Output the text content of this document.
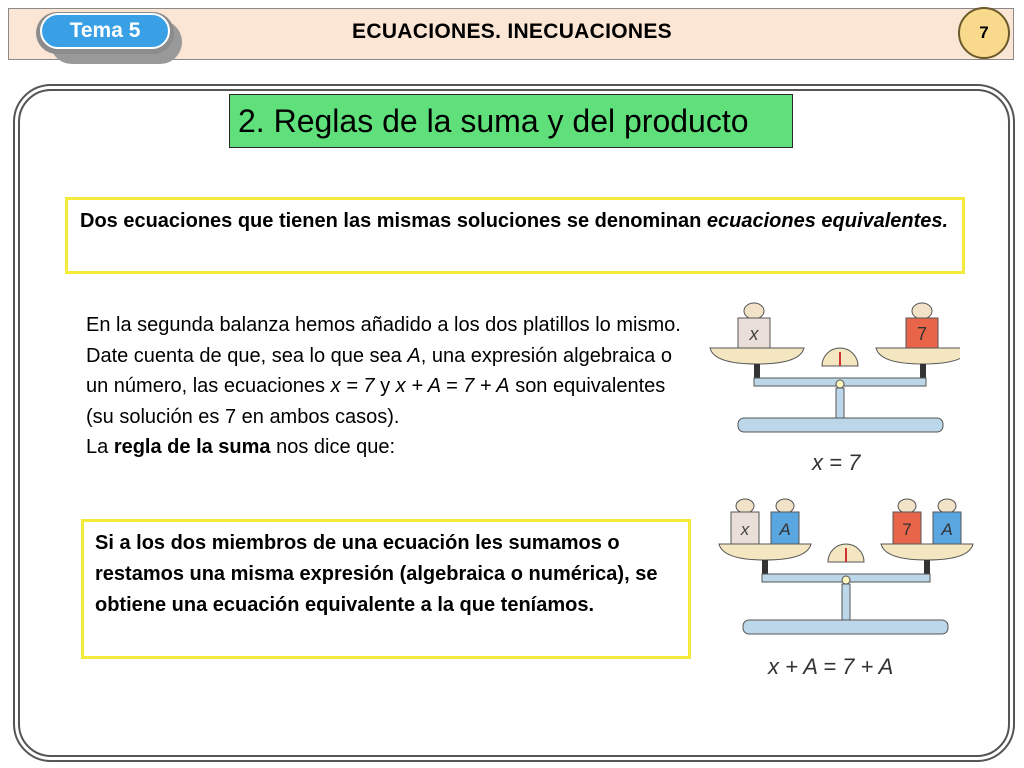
Tema 5	ECUACIONES. INECUACIONES	7
2. Reglas de la suma y del producto
Dos ecuaciones que tienen las mismas soluciones se denominan ecuaciones equivalentes.
En la segunda balanza hemos añadido a los dos platillos lo mismo. Date cuenta de que, sea lo que sea A, una expresión algebraica o un número, las ecuaciones x = 7 y x + A = 7 + A son equivalentes (su solución es 7 en ambos casos).
La regla de la suma nos dice que:
Si a los dos miembros de una ecuación les sumamos o restamos una misma expresión (algebraica o numérica), se obtiene una ecuación equivalente a la que teníamos.
x	7
x = 7
x A	7 A
x + A = 7 + A
